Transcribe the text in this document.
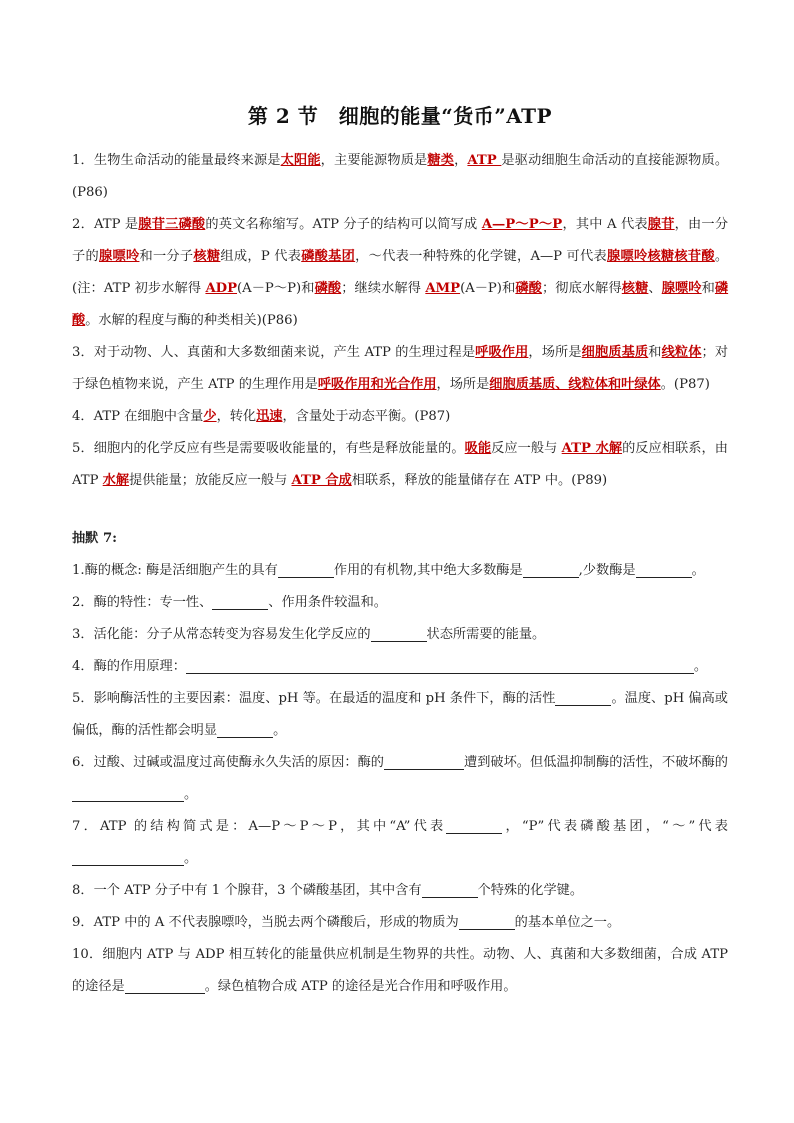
第 2 节　细胞的能量“货币”ATP

1．生物生命活动的能量最终来源是太阳能，主要能源物质是糖类，ATP 是驱动细胞生命活动的直接能源物质。(P86)

2．ATP 是腺苷三磷酸的英文名称缩写。ATP 分子的结构可以简写成 A—P～P～P，其中 A 代表腺苷，由一分子的腺嘌呤和一分子核糖组成，P 代表磷酸基团，～代表一种特殊的化学键，A—P 可代表腺嘌呤核糖核苷酸。(注：ATP 初步水解得 ADP(A－P～P)和磷酸；继续水解得 AMP(A－P)和磷酸；彻底水解得核糖、腺嘌呤和磷酸。水解的程度与酶的种类相关)(P86)

3．对于动物、人、真菌和大多数细菌来说，产生 ATP 的生理过程是呼吸作用，场所是细胞质基质和线粒体；对于绿色植物来说，产生 ATP 的生理作用是呼吸作用和光合作用，场所是细胞质基质、线粒体和叶绿体。(P87)

4．ATP 在细胞中含量少，转化迅速，含量处于动态平衡。(P87)

5．细胞内的化学反应有些是需要吸收能量的，有些是释放能量的。吸能反应一般与 ATP 水解的反应相联系，由 ATP 水解提供能量；放能反应一般与 ATP 合成相联系，释放的能量储存在 ATP 中。(P89)

抽默 7:

1.酶的概念: 酶是活细胞产生的具有	作用的有机物,其中绝大多数酶是	,少数酶是	。

2．酶的特性：专一性、	、作用条件较温和。

3．活化能：分子从常态转变为容易发生化学反应的	状态所需要的能量。

4．酶的作用原理：	。

5．影响酶活性的主要因素：温度、pH 等。在最适的温度和 pH 条件下，酶的活性	。温度、pH 偏高或偏低，酶的活性都会明显	。

6．过酸、过碱或温度过高使酶永久失活的原因：酶的	遭到破坏。但低温抑制酶的活性，不破坏酶的。

7．ATP 的结构简式是：A—P～P～P，其中“A”代表	，“P”代表磷酸基团，“～”代表。

8．一个 ATP 分子中有 1 个腺苷，3 个磷酸基团，其中含有	个特殊的化学键。

9．ATP 中的 A 不代表腺嘌呤，当脱去两个磷酸后，形成的物质为	的基本单位之一。

10．细胞内 ATP 与 ADP 相互转化的能量供应机制是生物界的共性。动物、人、真菌和大多数细菌，合成 ATP 的途径是	。绿色植物合成 ATP 的途径是光合作用和呼吸作用。
